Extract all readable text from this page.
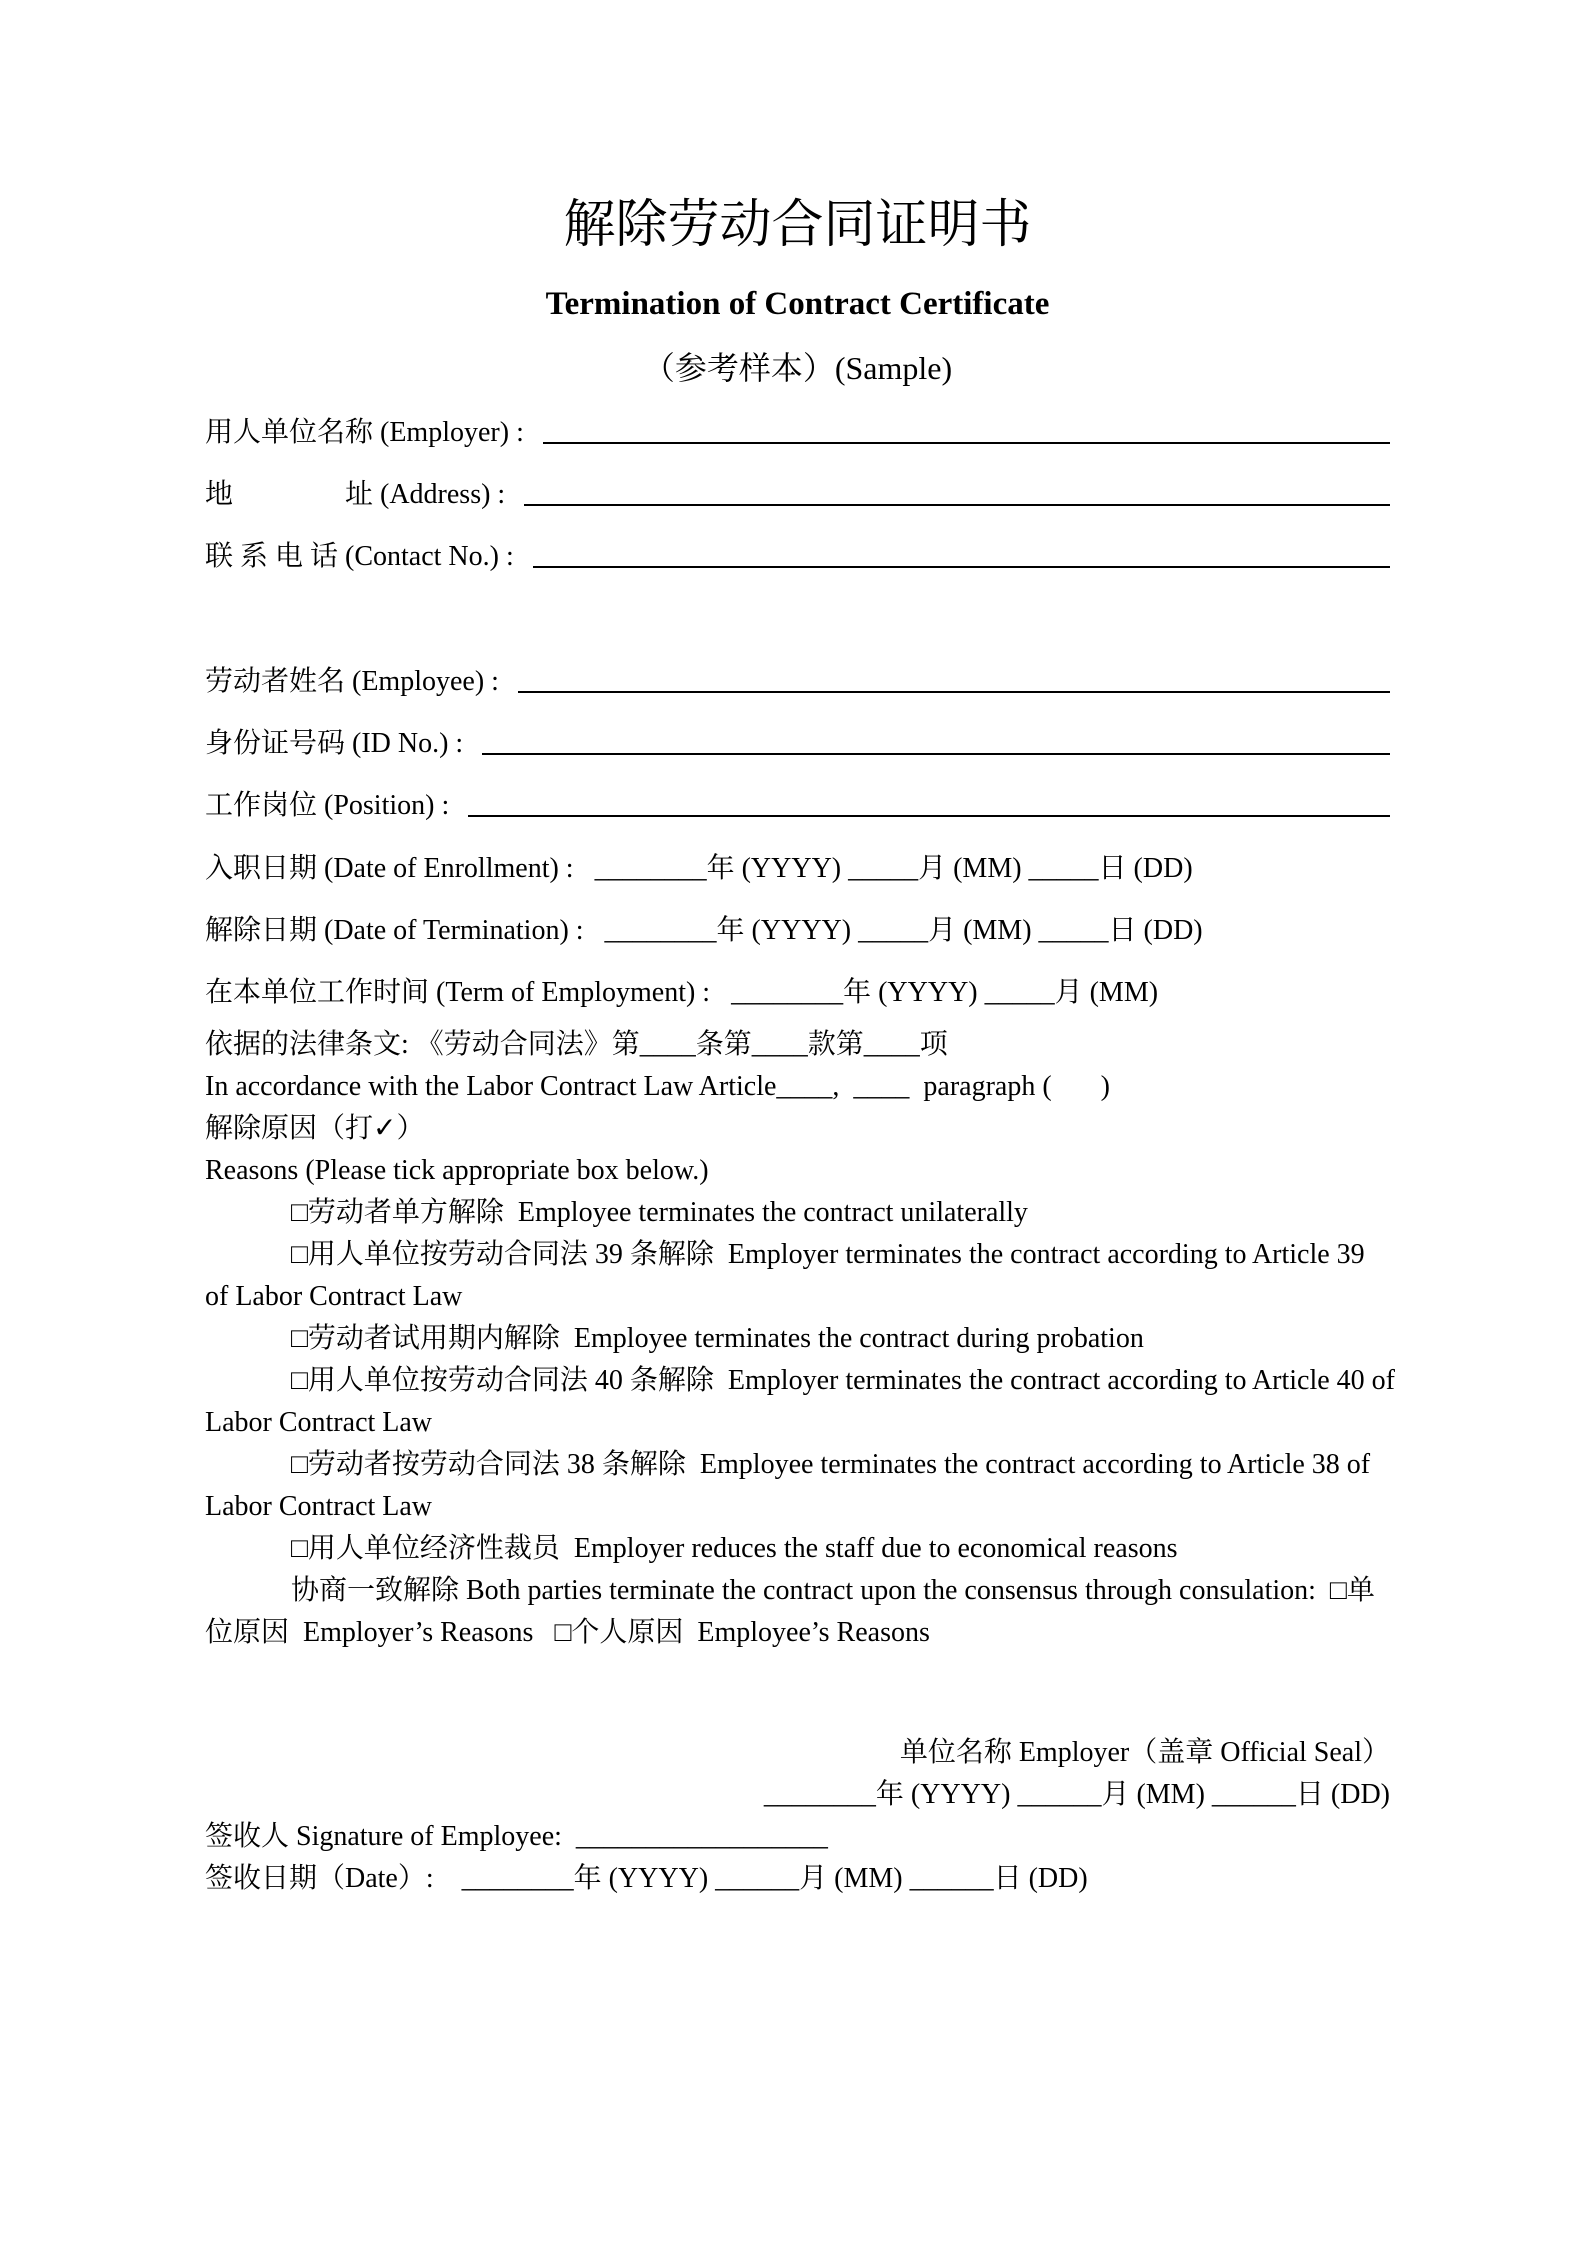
解除劳动合同证明书
Termination of Contract Certificate
（参考样本）(Sample)
用人单位名称 (Employer) :
地　　　　址 (Address) :
联 系 电 话 (Contact No.) :
劳动者姓名 (Employee) :
身份证号码 (ID No.) :
工作岗位 (Position) :

入职日期 (Date of Enrollment) :   ________年 (YYYY) _____月 (MM) _____日 (DD)

解除日期 (Date of Termination) :   ________年 (YYYY) _____月 (MM) _____日 (DD)

在本单位工作时间 (Term of Employment) :   ________年 (YYYY) _____月 (MM)

依据的法律条文: 《劳动合同法》第____条第____款第____项

In accordance with the Labor Contract Law Article____,  ____  paragraph (       )

解除原因（打✓）

Reasons (Please tick appropriate box below.)

□劳动者单方解除  Employee terminates the contract unilaterally

□用人单位按劳动合同法 39 条解除  Employer terminates the contract according to Article 39

of Labor Contract Law

□劳动者试用期内解除  Employee terminates the contract during probation

□用人单位按劳动合同法 40 条解除  Employer terminates the contract according to Article 40 of

Labor Contract Law

□劳动者按劳动合同法 38 条解除  Employee terminates the contract according to Article 38 of

Labor Contract Law

□用人单位经济性裁员  Employer reduces the staff due to economical reasons

协商一致解除 Both parties terminate the contract upon the consensus through consulation:  □单

位原因  Employer’s Reasons   □个人原因  Employee’s Reasons

单位名称 Employer（盖章 Official Seal）

________年 (YYYY) ______月 (MM) ______日 (DD)

签收人 Signature of Employee:  __________________

签收日期（Date）:    ________年 (YYYY) ______月 (MM) ______日 (DD)
